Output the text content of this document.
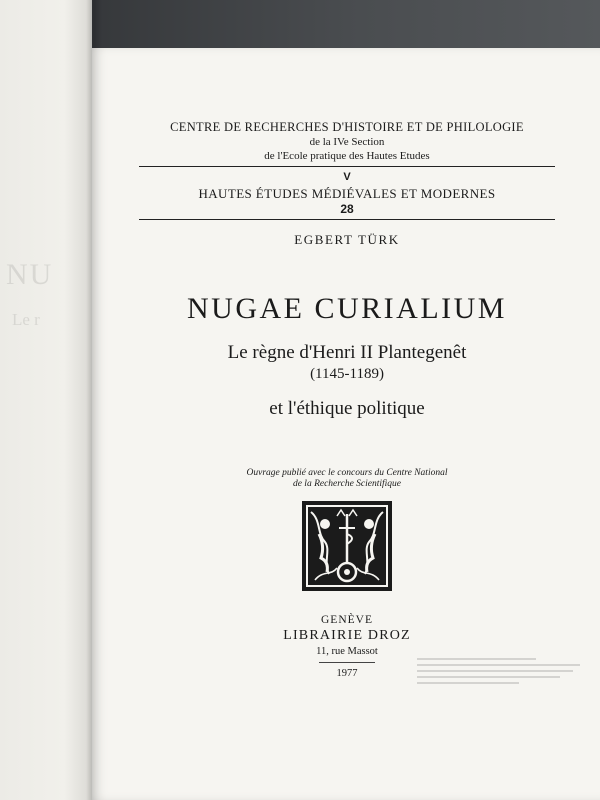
NU
Le r
CENTRE DE RECHERCHES D'HISTOIRE ET DE PHILOLOGIE
de la IVe Section
de l'Ecole pratique des Hautes Etudes
V
HAUTES ÉTUDES MÉDIÉVALES ET MODERNES
28
EGBERT TÜRK
NUGAE CURIALIUM
Le règne d'Henri II Plantegenêt
(1145-1189)
et l'éthique politique
Ouvrage publié avec le concours du Centre National
de la Recherche Scientifique
GENÈVE
LIBRAIRIE DROZ
11, rue Massot
1977
